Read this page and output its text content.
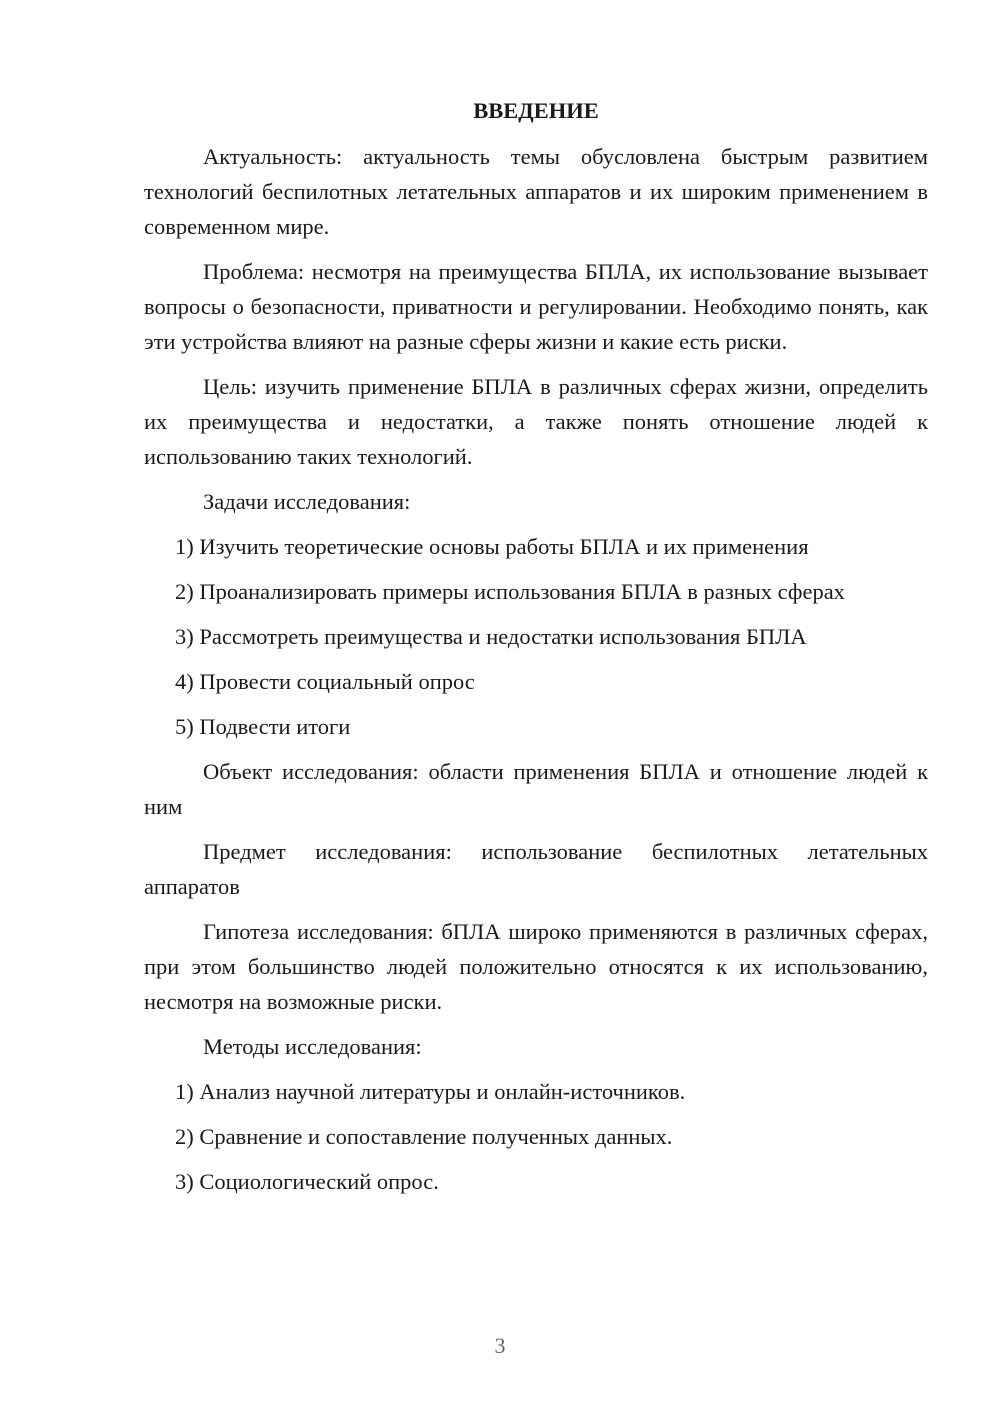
ВВЕДЕНИЕ

Актуальность: актуальность темы обусловлена быстрым развитием технологий беспилотных летательных аппаратов и их широким применением в современном мире.

Проблема: несмотря на преимущества БПЛА, их использование вызывает вопросы о безопасности, приватности и регулировании. Необходимо понять, как эти устройства влияют на разные сферы жизни и какие есть риски.

Цель: изучить применение БПЛА в различных сферах жизни, определить их преимущества и недостатки, а также понять отношение людей к использованию таких технологий.

Задачи исследования:

1) Изучить теоретические основы работы БПЛА и их применения
2) Проанализировать примеры использования БПЛА в разных сферах
3) Рассмотреть преимущества и недостатки использования БПЛА
4) Провести социальный опрос
5) Подвести итоги

Объект исследования: области применения БПЛА и отношение людей к ним

Предмет исследования: использование беспилотных летательных аппаратов

Гипотеза исследования: бПЛА широко применяются в различных сферах, при этом большинство людей положительно относятся к их использованию, несмотря на возможные риски.

Методы исследования:

1) Анализ научной литературы и онлайн-источников.
2) Сравнение и сопоставление полученных данных.
3) Социологический опрос.
3
